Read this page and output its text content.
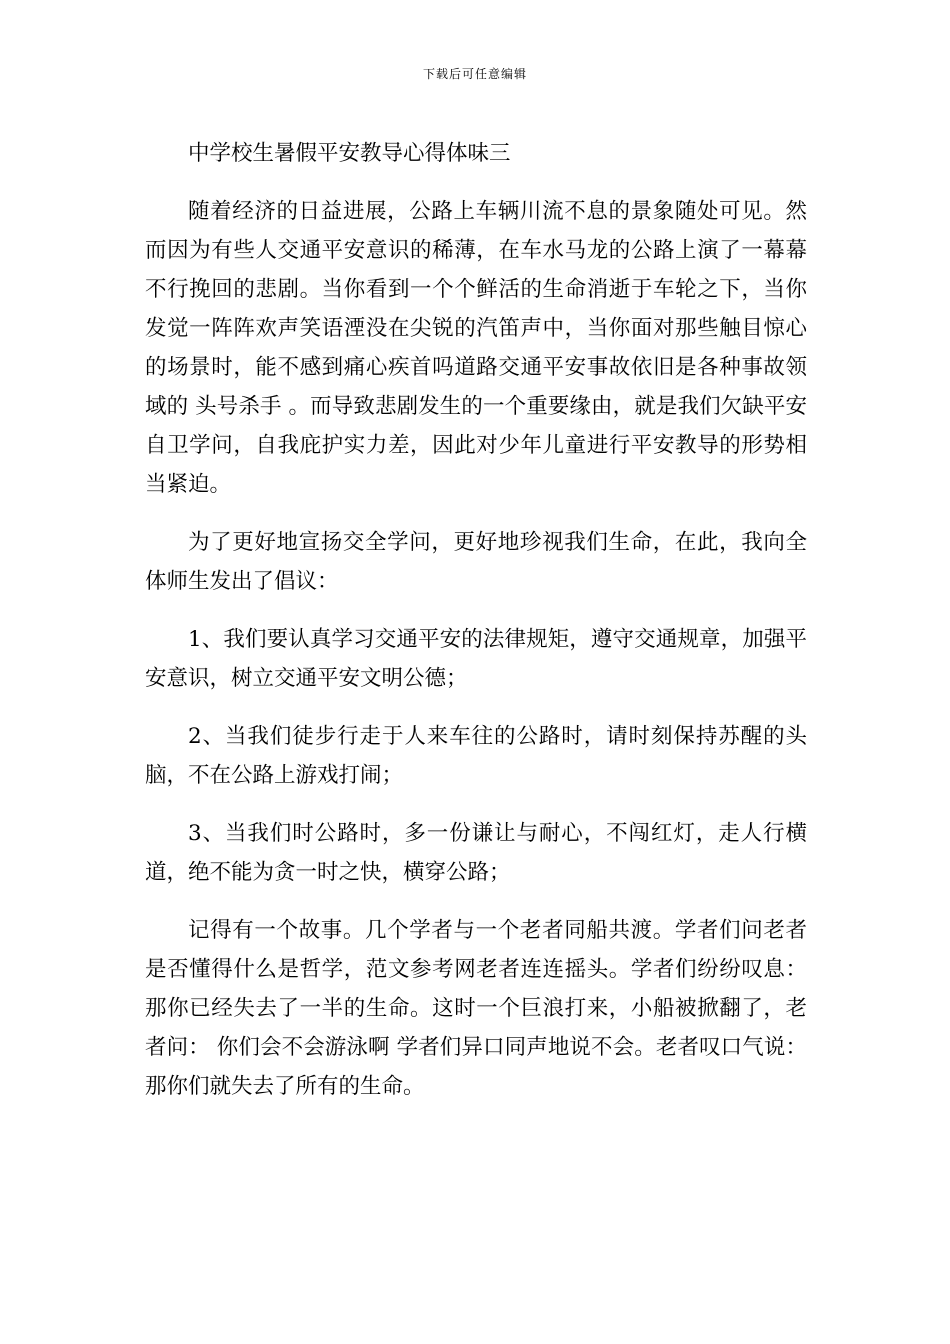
下载后可任意编辑
中学校生暑假平安教导心得体味三

随着经济的日益进展，公路上车辆川流不息的景象随处可见。然而因为有些人交通平安意识的稀薄，在车水马龙的公路上演了一幕幕不行挽回的悲剧。当你看到一个个鲜活的生命消逝于车轮之下，当你发觉一阵阵欢声笑语湮没在尖锐的汽笛声中，当你面对那些触目惊心的场景时，能不感到痛心疾首吗道路交通平安事故依旧是各种事故领域的 头号杀手 。而导致悲剧发生的一个重要缘由，就是我们欠缺平安自卫学问，自我庇护实力差，因此对少年儿童进行平安教导的形势相当紧迫。

为了更好地宣扬交全学问，更好地珍视我们生命，在此，我向全体师生发出了倡议：

1、我们要认真学习交通平安的法律规矩，遵守交通规章，加强平安意识，树立交通平安文明公德；

2、当我们徒步行走于人来车往的公路时，请时刻保持苏醒的头脑，不在公路上游戏打闹；

3、当我们时公路时，多一份谦让与耐心，不闯红灯，走人行横道，绝不能为贪一时之快，横穿公路；

记得有一个故事。几个学者与一个老者同船共渡。学者们问老者是否懂得什么是哲学，范文参考网老者连连摇头。学者们纷纷叹息：那你已经失去了一半的生命。这时一个巨浪打来，小船被掀翻了，老者问： 你们会不会游泳啊 学者们异口同声地说不会。老者叹口气说： 那你们就失去了所有的生命。
